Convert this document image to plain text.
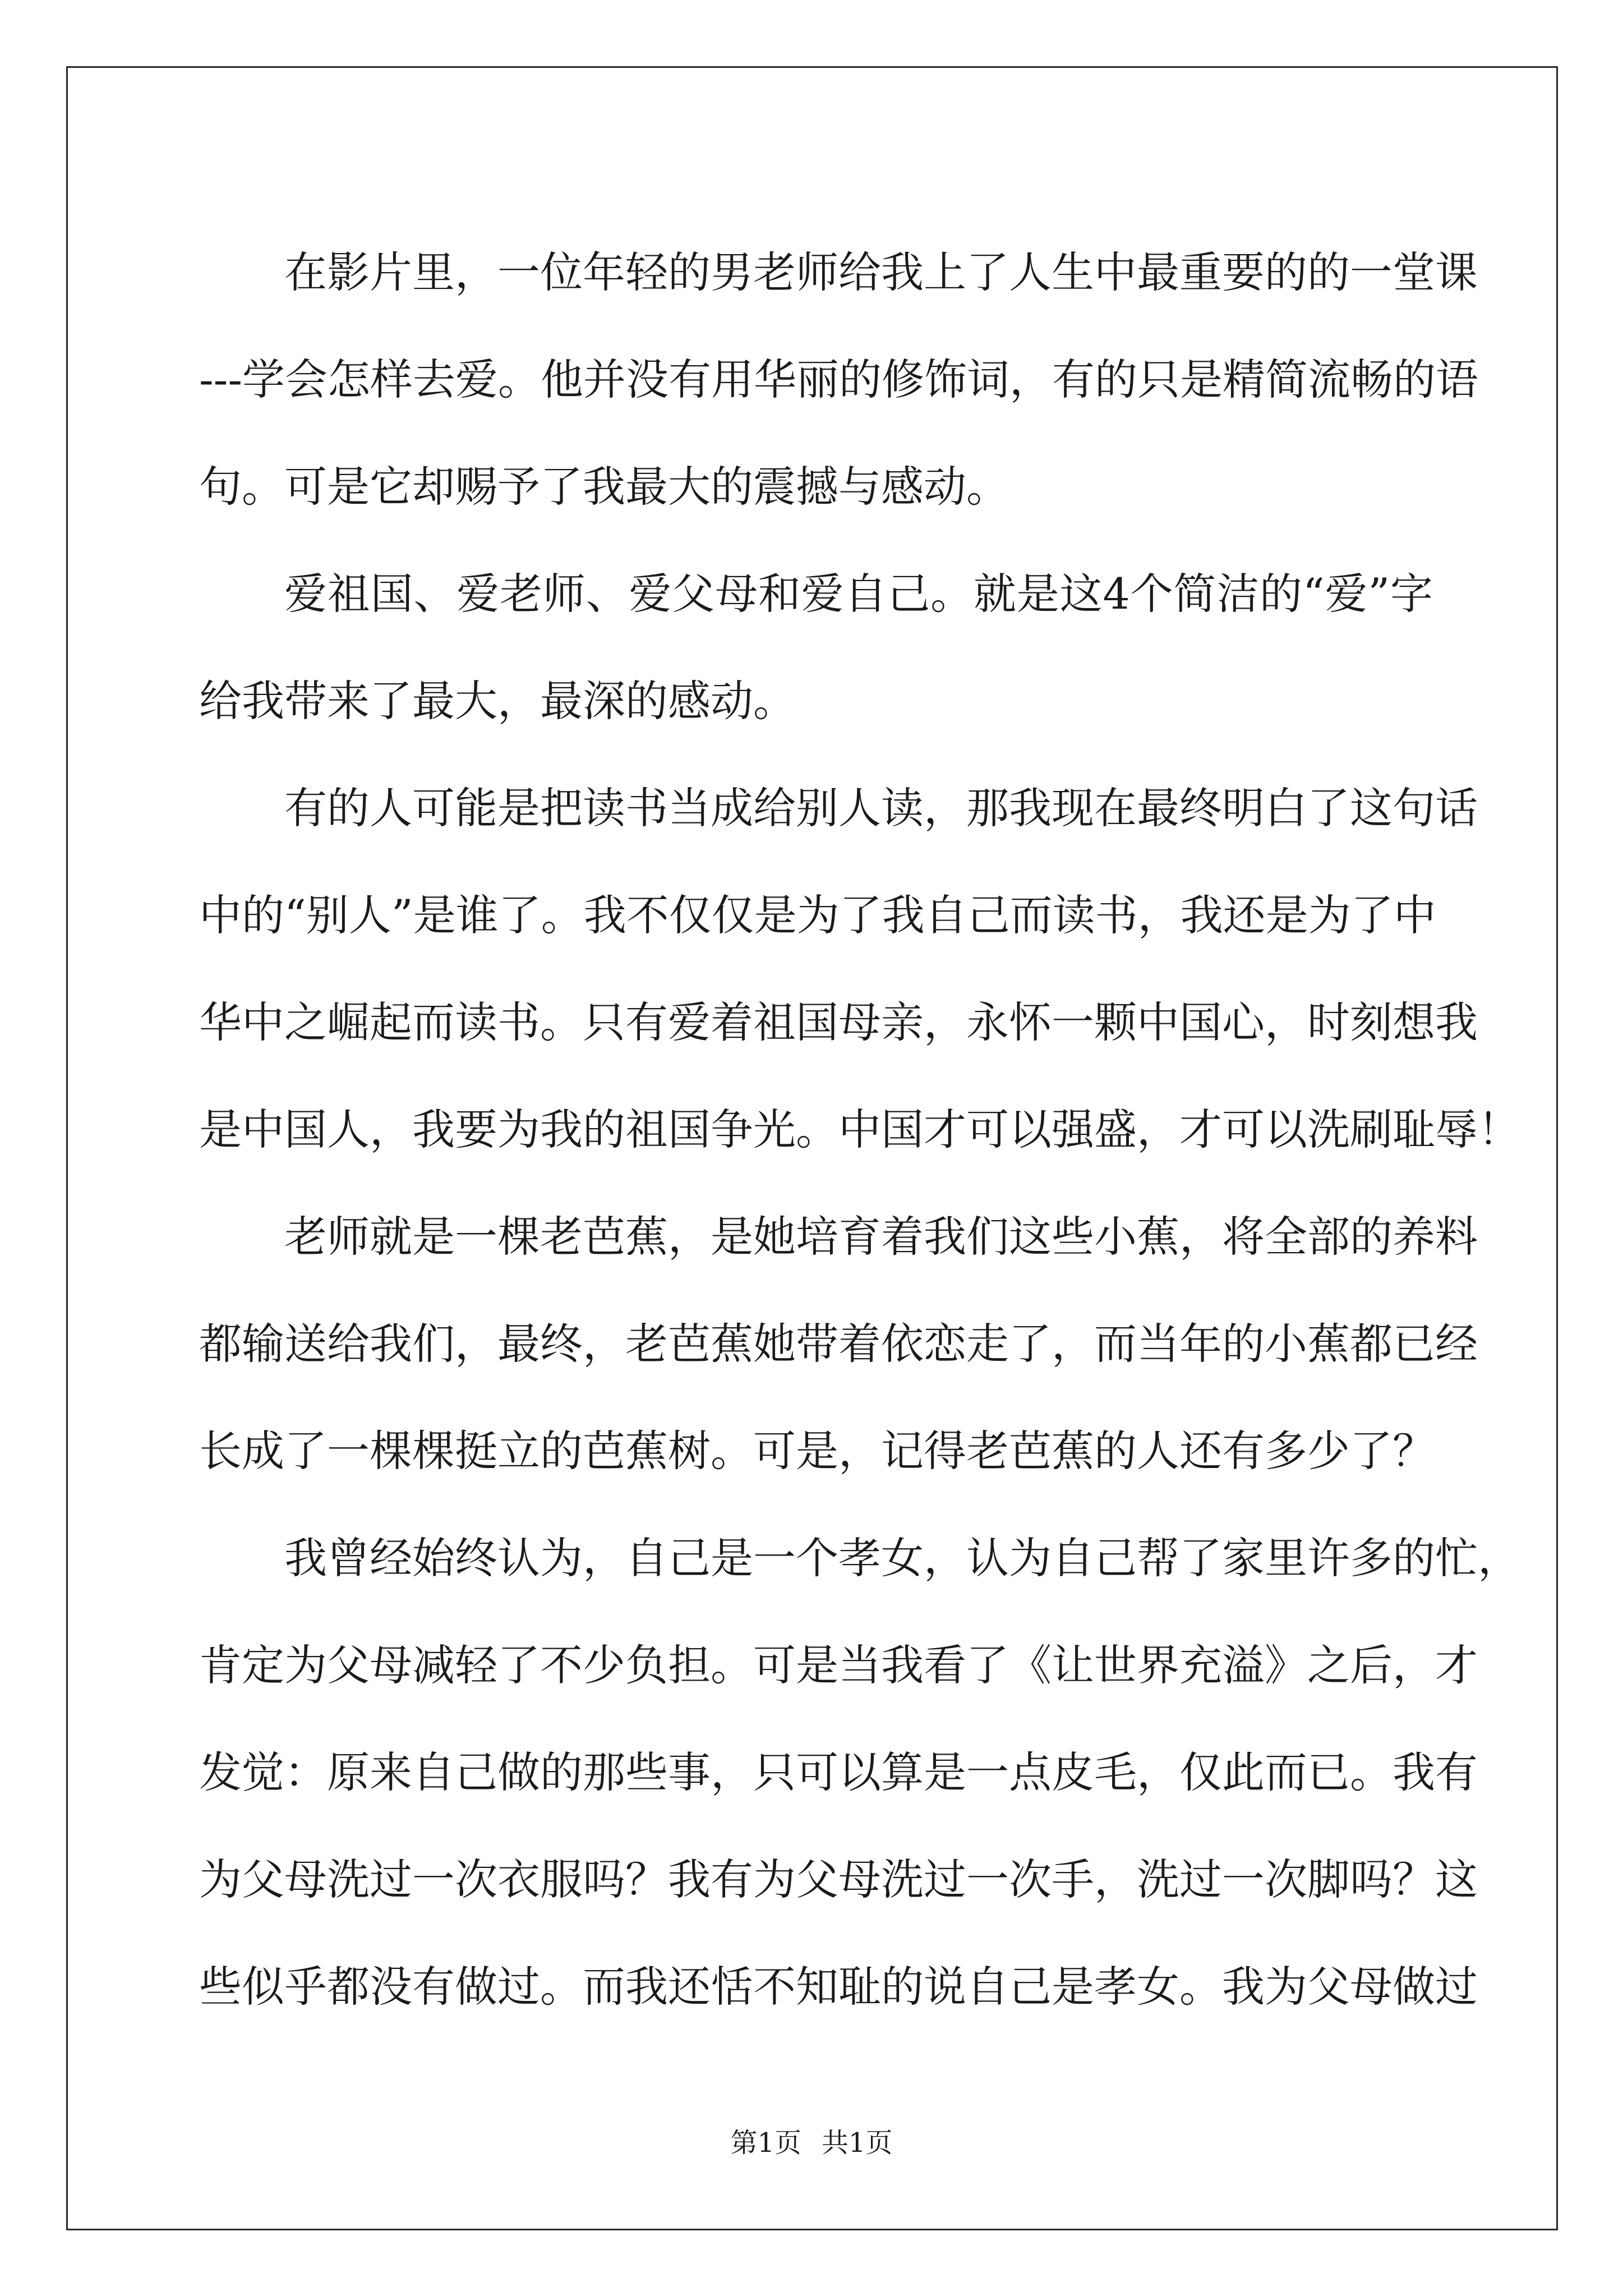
在影片里，一位年轻的男老师给我上了人生中最重要的的一堂课
---学会怎样去爱。他并没有用华丽的修饰词，有的只是精简流畅的语
句。可是它却赐予了我最大的震撼与感动。
爱祖国、爱老师、爱父母和爱自己。就是这4个简洁的“爱”字
给我带来了最大，最深的感动。
有的人可能是把读书当成给别人读，那我现在最终明白了这句话
中的“别人”是谁了。我不仅仅是为了我自己而读书，我还是为了中
华中之崛起而读书。只有爱着祖国母亲，永怀一颗中国心，时刻想我
是中国人，我要为我的祖国争光。中国才可以强盛，才可以洗刷耻辱！
老师就是一棵老芭蕉，是她培育着我们这些小蕉，将全部的养料
都输送给我们，最终，老芭蕉她带着依恋走了，而当年的小蕉都已经
长成了一棵棵挺立的芭蕉树。可是，记得老芭蕉的人还有多少了？
我曾经始终认为，自己是一个孝女，认为自己帮了家里许多的忙，
肯定为父母减轻了不少负担。可是当我看了《让世界充溢》之后，才
发觉：原来自己做的那些事，只可以算是一点皮毛，仅此而已。我有
为父母洗过一次衣服吗？我有为父母洗过一次手，洗过一次脚吗？这
些似乎都没有做过。而我还恬不知耻的说自己是孝女。我为父母做过
第1页 共1页
